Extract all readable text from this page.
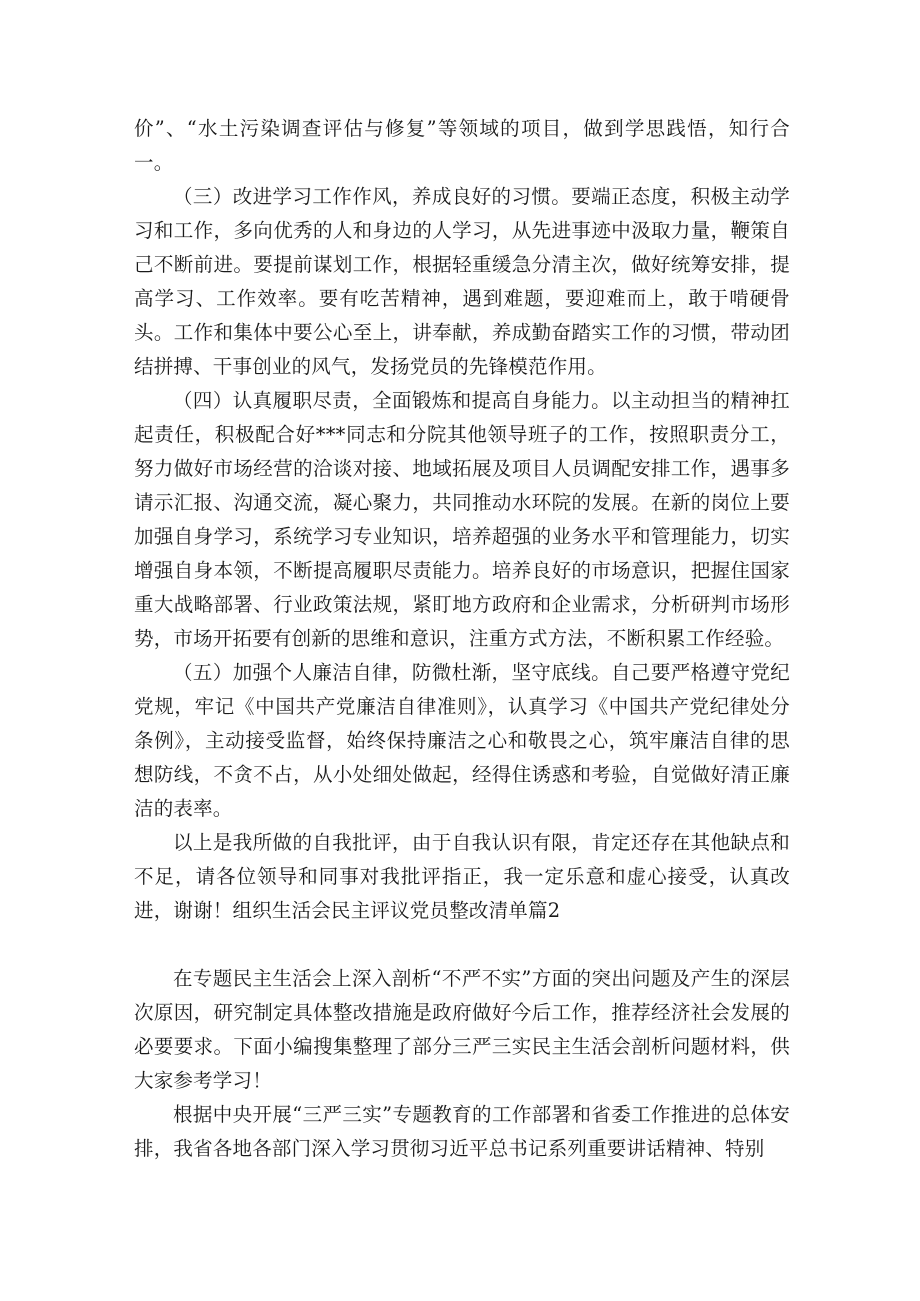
价”、“水土污染调查评估与修复”等领域的项目，做到学思践悟，知行合一。

（三）改进学习工作作风，养成良好的习惯。要端正态度，积极主动学习和工作，多向优秀的人和身边的人学习，从先进事迹中汲取力量，鞭策自己不断前进。要提前谋划工作，根据轻重缓急分清主次，做好统筹安排，提高学习、工作效率。要有吃苦精神，遇到难题，要迎难而上，敢于啃硬骨头。工作和集体中要公心至上，讲奉献，养成勤奋踏实工作的习惯，带动团结拼搏、干事创业的风气，发扬党员的先锋模范作用。

（四）认真履职尽责，全面锻炼和提高自身能力。以主动担当的精神扛起责任，积极配合好***同志和分院其他领导班子的工作，按照职责分工，努力做好市场经营的洽谈对接、地域拓展及项目人员调配安排工作，遇事多请示汇报、沟通交流，凝心聚力，共同推动水环院的发展。在新的岗位上要加强自身学习，系统学习专业知识，培养超强的业务水平和管理能力，切实增强自身本领，不断提高履职尽责能力。培养良好的市场意识，把握住国家重大战略部署、行业政策法规，紧盯地方政府和企业需求，分析研判市场形势，市场开拓要有创新的思维和意识，注重方式方法，不断积累工作经验。

（五）加强个人廉洁自律，防微杜渐，坚守底线。自己要严格遵守党纪党规，牢记《中国共产党廉洁自律准则》，认真学习《中国共产党纪律处分条例》，主动接受监督，始终保持廉洁之心和敬畏之心，筑牢廉洁自律的思想防线，不贪不占，从小处细处做起，经得住诱惑和考验，自觉做好清正廉洁的表率。

以上是我所做的自我批评，由于自我认识有限，肯定还存在其他缺点和不足，请各位领导和同事对我批评指正，我一定乐意和虚心接受，认真改进，谢谢！组织生活会民主评议党员整改清单篇2

在专题民主生活会上深入剖析“不严不实”方面的突出问题及产生的深层次原因，研究制定具体整改措施是政府做好今后工作，推荐经济社会发展的必要要求。下面小编搜集整理了部分三严三实民主生活会剖析问题材料，供大家参考学习！

根据中央开展“三严三实”专题教育的工作部署和省委工作推进的总体安排，我省各地各部门深入学习贯彻习近平总书记系列重要讲话精神、特别
